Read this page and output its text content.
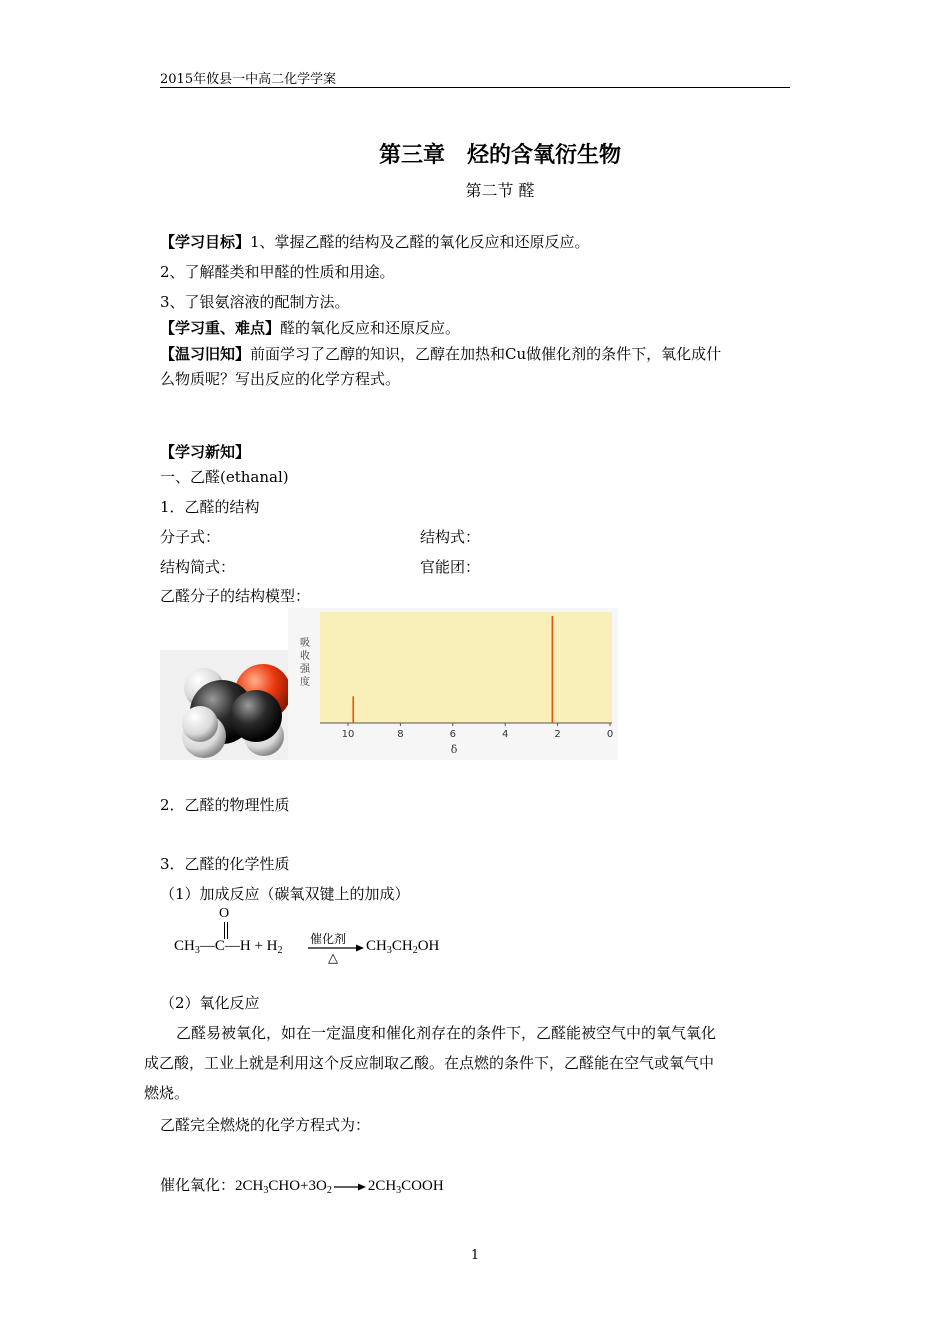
2015年攸县一中高二化学学案
第三章　烃的含氧衍生物
第二节 醛
【学习目标】1、掌握乙醛的结构及乙醛的氧化反应和还原反应。
2、了解醛类和甲醛的性质和用途。
3、了银氨溶液的配制方法。
【学习重、难点】醛的氧化反应和还原反应。
【温习旧知】前面学习了乙醇的知识，乙醇在加热和Cu做催化剂的条件下，氧化成什
么物质呢？写出反应的化学方程式。
【学习新知】
一、乙醛(ethanal)
1．乙醛的结构
分子式：	结构式：
结构简式：	官能团：
乙醛分子的结构模型：
吸
收
强
度
10	8	6	4	2	0
δ
2．乙醛的物理性质
3．乙醛的化学性质
（1）加成反应（碳氧双键上的加成）
O
$CH_3—C—H + H_2$
催化剂
△
$CH_3CH_2OH$
（2）氧化反应
乙醛易被氧化，如在一定温度和催化剂存在的条件下，乙醛能被空气中的氧气氧化
成乙酸，工业上就是利用这个反应制取乙酸。在点燃的条件下，乙醛能在空气或氧气中
燃烧。
乙醛完全燃烧的化学方程式为：
催化氧化：$2CH_3CHO+3O_2$ $2CH_3COOH$
1
